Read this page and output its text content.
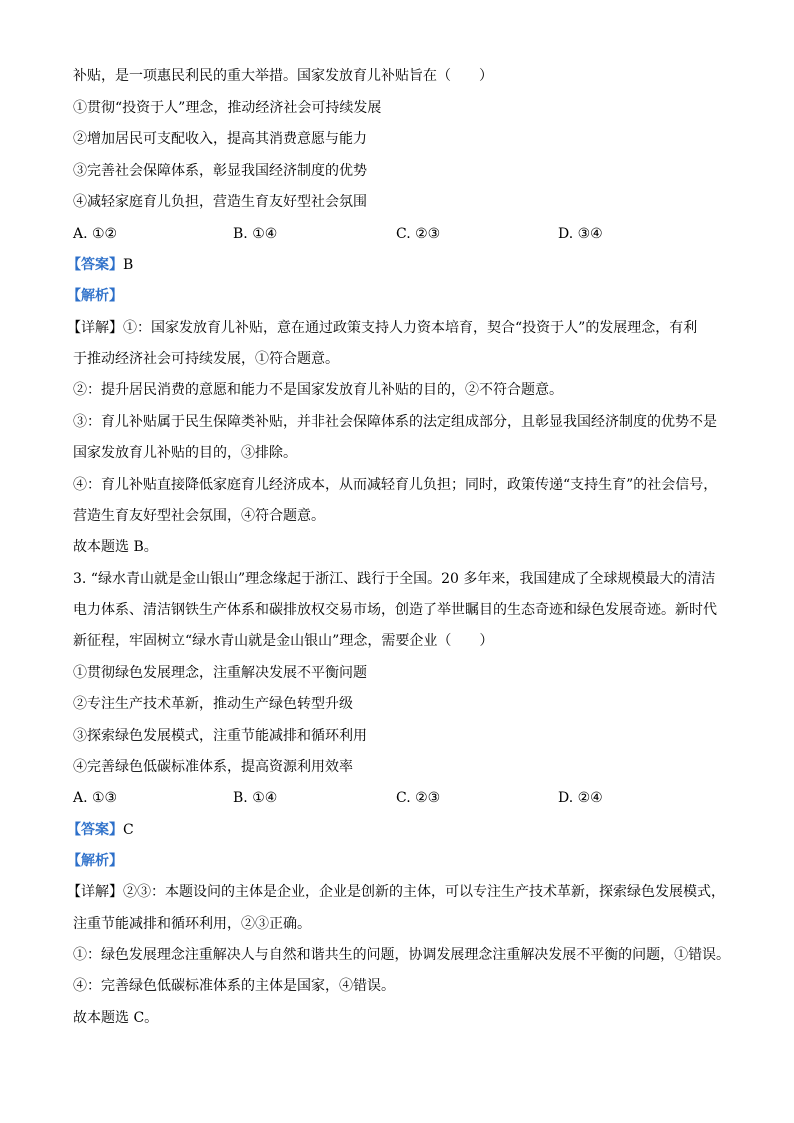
补贴，是一项惠民利民的重大举措。国家发放育儿补贴旨在（　　）
①贯彻“投资于人”理念，推动经济社会可持续发展
②增加居民可支配收入，提高其消费意愿与能力
③完善社会保障体系，彰显我国经济制度的优势
④减轻家庭育儿负担，营造生育友好型社会氛围
A. ①②	B. ①④	C. ②③	D. ③④
【答案】B
【解析】
【详解】①：国家发放育儿补贴，意在通过政策支持人力资本培育，契合“投资于人”的发展理念，有利
于推动经济社会可持续发展，①符合题意。
②：提升居民消费的意愿和能力不是国家发放育儿补贴的目的，②不符合题意。
③：育儿补贴属于民生保障类补贴，并非社会保障体系的法定组成部分，且彰显我国经济制度的优势不是
国家发放育儿补贴的目的，③排除。
④：育儿补贴直接降低家庭育儿经济成本，从而减轻育儿负担；同时，政策传递“支持生育”的社会信号，
营造生育友好型社会氛围，④符合题意。
故本题选 B。
3. “绿水青山就是金山银山”理念缘起于浙江、践行于全国。20 多年来，我国建成了全球规模最大的清洁
电力体系、清洁钢铁生产体系和碳排放权交易市场，创造了举世瞩目的生态奇迹和绿色发展奇迹。新时代
新征程，牢固树立“绿水青山就是金山银山”理念，需要企业（　　）
①贯彻绿色发展理念，注重解决发展不平衡问题
②专注生产技术革新，推动生产绿色转型升级
③探索绿色发展模式，注重节能减排和循环利用
④完善绿色低碳标准体系，提高资源利用效率
A. ①③	B. ①④	C. ②③	D. ②④
【答案】C
【解析】
【详解】②③：本题设问的主体是企业，企业是创新的主体，可以专注生产技术革新，探索绿色发展模式，
注重节能减排和循环利用，②③正确。
①：绿色发展理念注重解决人与自然和谐共生的问题，协调发展理念注重解决发展不平衡的问题，①错误。
④：完善绿色低碳标准体系的主体是国家，④错误。
故本题选 C。
